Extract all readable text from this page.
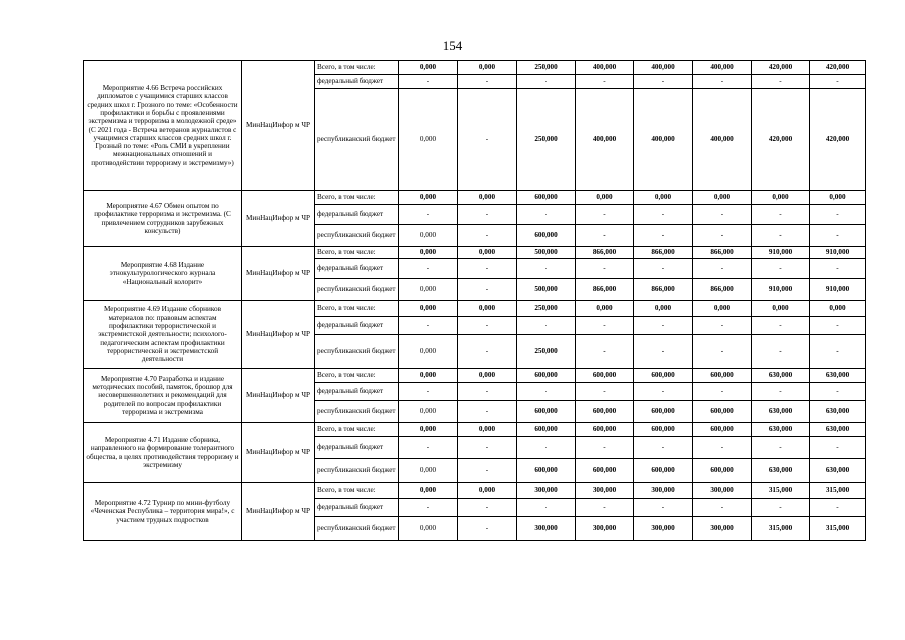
154
Мероприятие 4.66 Встреча российских дипломатов с учащимися старших классов средних школ г. Грозного по теме: «Особенности профилактики и борьбы с проявлениями экстремизма и терроризма в молодежной среде» (С 2021 года - Встреча ветеранов журналистов с учащимися старших классов средних школ г. Грозный по теме: «Роль СМИ в укреплении межнациональных отношений и противодействии терроризму и экстремизму»)	МинНацИнфор м ЧР	Всего, в том числе:	0,000	0,000	250,000	400,000	400,000	400,000	420,000	420,000
		федеральный бюджет	-	-	-	-	-	-	-	-
		республиканский бюджет	0,000	-	250,000	400,000	400,000	400,000	420,000	420,000
Мероприятие 4.67 Обмен опытом по профилактике терроризма и экстремизма. (С привлечением сотрудников зарубежных консульств)	МинНацИнфор м ЧР	Всего, в том числе:	0,000	0,000	600,000	0,000	0,000	0,000	0,000	0,000
		федеральный бюджет	-	-	-	-	-	-	-	-
		республиканский бюджет	0,000	-	600,000	-	-	-	-	-
Мероприятие 4.68 Издание этнокультурологического журнала «Национальный колорит»	МинНацИнфор м ЧР	Всего, в том числе:	0,000	0,000	500,000	866,000	866,000	866,000	910,000	910,000
		федеральный бюджет	-	-	-	-	-	-	-	-
		республиканский бюджет	0,000	-	500,000	866,000	866,000	866,000	910,000	910,000
Мероприятие 4.69 Издание сборников материалов по: правовым аспектам профилактики террористической и экстремистской деятельности; психолого-педагогическим аспектам профилактики террористической и экстремистской деятельности	МинНацИнфор м ЧР	Всего, в том числе:	0,000	0,000	250,000	0,000	0,000	0,000	0,000	0,000
		федеральный бюджет	-	-	-	-	-	-	-	-
		республиканский бюджет	0,000	-	250,000	-	-	-	-	-
Мероприятие 4.70 Разработка и издание методических пособий, памяток, брошюр для несовершеннолетних и рекомендаций для родителей по вопросам профилактики терроризма и экстремизма	МинНацИнфор м ЧР	Всего, в том числе:	0,000	0,000	600,000	600,000	600,000	600,000	630,000	630,000
		федеральный бюджет	-	-	-	-	-	-	-	-
		республиканский бюджет	0,000	-	600,000	600,000	600,000	600,000	630,000	630,000
Мероприятие 4.71 Издание сборника, направленного на формирование толерантного общества, в целях противодействия терроризму и экстремизму	МинНацИнфор м ЧР	Всего, в том числе:	0,000	0,000	600,000	600,000	600,000	600,000	630,000	630,000
		федеральный бюджет	-	-	-	-	-	-	-	-
		республиканский бюджет	0,000	-	600,000	600,000	600,000	600,000	630,000	630,000
Мероприятие 4.72 Турнир по мини-футболу «Чеченская Республика – территория мира!», с участием трудных подростков	МинНацИнфор м ЧР	Всего, в том числе:	0,000	0,000	300,000	300,000	300,000	300,000	315,000	315,000
		федеральный бюджет	-	-	-	-	-	-	-	-
		республиканский бюджет	0,000	-	300,000	300,000	300,000	300,000	315,000	315,000
